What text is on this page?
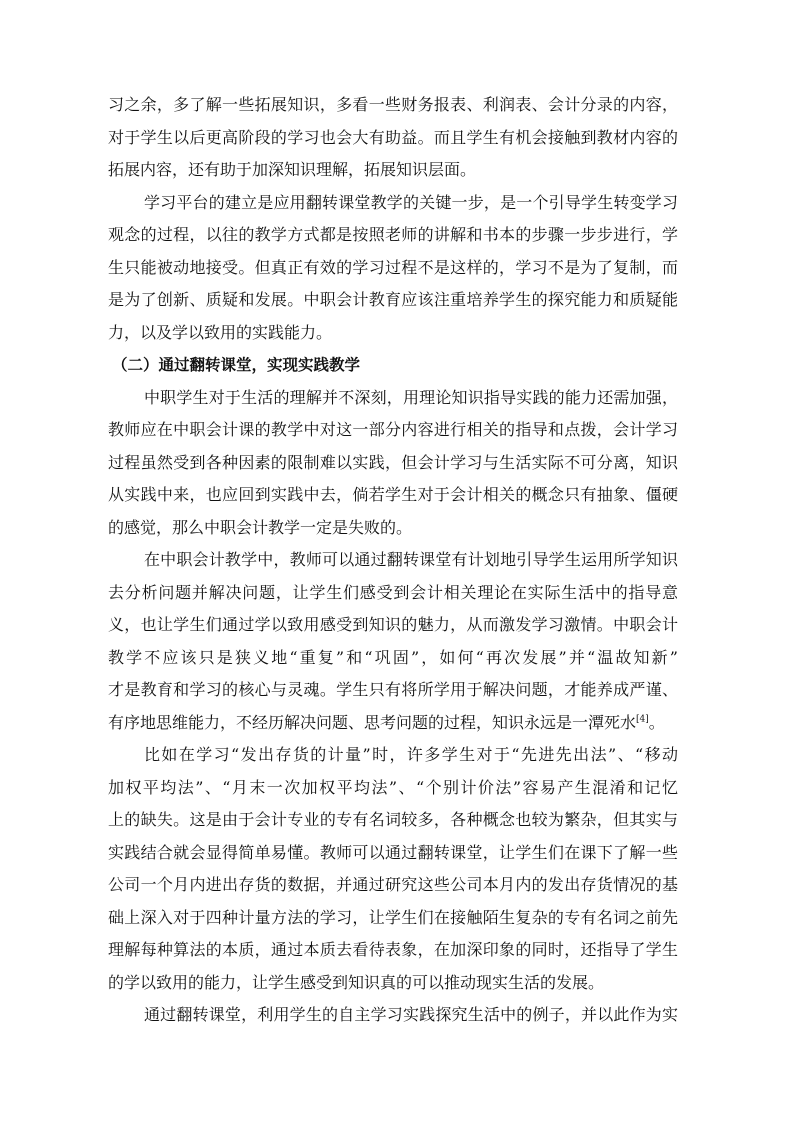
习之余，多了解一些拓展知识，多看一些财务报表、利润表、会计分录的内容，
对于学生以后更高阶段的学习也会大有助益。而且学生有机会接触到教材内容的
拓展内容，还有助于加深知识理解，拓展知识层面。
学习平台的建立是应用翻转课堂教学的关键一步，是一个引导学生转变学习
观念的过程，以往的教学方式都是按照老师的讲解和书本的步骤一步步进行，学
生只能被动地接受。但真正有效的学习过程不是这样的，学习不是为了复制，而
是为了创新、质疑和发展。中职会计教育应该注重培养学生的探究能力和质疑能
力，以及学以致用的实践能力。
（二）通过翻转课堂，实现实践教学
中职学生对于生活的理解并不深刻，用理论知识指导实践的能力还需加强，
教师应在中职会计课的教学中对这一部分内容进行相关的指导和点拨，会计学习
过程虽然受到各种因素的限制难以实践，但会计学习与生活实际不可分离，知识
从实践中来，也应回到实践中去，倘若学生对于会计相关的概念只有抽象、僵硬
的感觉，那么中职会计教学一定是失败的。
在中职会计教学中，教师可以通过翻转课堂有计划地引导学生运用所学知识
去分析问题并解决问题，让学生们感受到会计相关理论在实际生活中的指导意
义，也让学生们通过学以致用感受到知识的魅力，从而激发学习激情。中职会计
教学不应该只是狭义地“重复”和“巩固”，如何“再次发展”并“温故知新”
才是教育和学习的核心与灵魂。学生只有将所学用于解决问题，才能养成严谨、
有序地思维能力，不经历解决问题、思考问题的过程，知识永远是一潭死水[4]。
比如在学习“发出存货的计量”时，许多学生对于“先进先出法”、“移动
加权平均法”、“月末一次加权平均法”、“个别计价法”容易产生混淆和记忆
上的缺失。这是由于会计专业的专有名词较多，各种概念也较为繁杂，但其实与
实践结合就会显得简单易懂。教师可以通过翻转课堂，让学生们在课下了解一些
公司一个月内进出存货的数据，并通过研究这些公司本月内的发出存货情况的基
础上深入对于四种计量方法的学习，让学生们在接触陌生复杂的专有名词之前先
理解每种算法的本质，通过本质去看待表象，在加深印象的同时，还指导了学生
的学以致用的能力，让学生感受到知识真的可以推动现实生活的发展。
通过翻转课堂，利用学生的自主学习实践探究生活中的例子，并以此作为实
